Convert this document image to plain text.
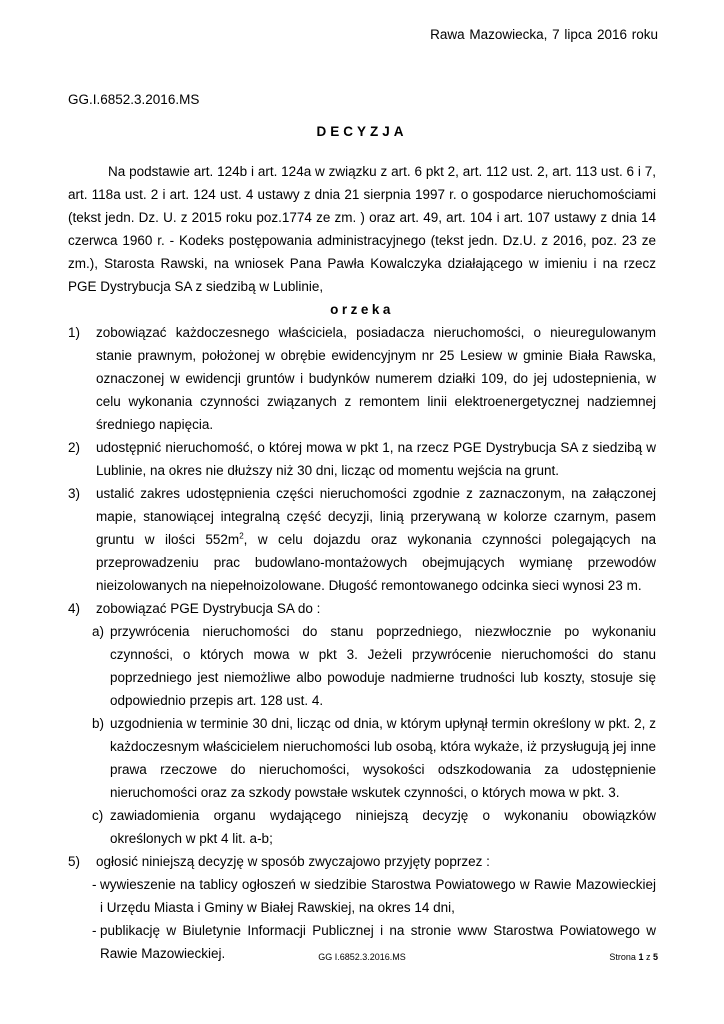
Rawa Mazowiecka, 7 lipca 2016 roku
GG.I.6852.3.2016.MS
DECYZJA

Na podstawie art. 124b i art. 124a w związku z art. 6 pkt 2, art. 112 ust. 2, art. 113 ust. 6 i 7, art. 118a ust. 2 i art. 124 ust. 4 ustawy z dnia 21 sierpnia 1997 r. o gospodarce nieruchomościami (tekst jedn. Dz. U. z 2015 roku poz.1774 ze zm. ) oraz art. 49, art. 104 i art. 107 ustawy z dnia 14 czerwca 1960 r. - Kodeks postępowania administracyjnego (tekst jedn. Dz.U. z 2016, poz. 23 ze zm.), Starosta Rawski, na wniosek Pana Pawła Kowalczyka działającego w imieniu i na rzecz PGE Dystrybucja SA z siedzibą w Lublinie,

orzeka

1) zobowiązać każdoczesnego właściciela, posiadacza nieruchomości, o nieuregulowanym stanie prawnym, położonej w obrębie ewidencyjnym nr 25 Lesiew w gminie Biała Rawska, oznaczonej w ewidencji gruntów i budynków numerem działki 109, do jej udostepnienia, w celu wykonania czynności związanych z remontem linii elektroenergetycznej nadziemnej średniego napięcia.
2) udostępnić nieruchomość, o której mowa w pkt 1, na rzecz PGE Dystrybucja SA z siedzibą w Lublinie, na okres nie dłuższy niż 30 dni, licząc od momentu wejścia na grunt.
3) ustalić zakres udostępnienia części nieruchomości zgodnie z zaznaczonym, na załączonej mapie, stanowiącej integralną część decyzji, linią przerywaną w kolorze czarnym, pasem gruntu w ilości $552m^2$, w celu dojazdu oraz wykonania czynności polegających na przeprowadzeniu prac budowlano-montażowych obejmujących wymianę przewodów nieizolowanych na niepełnoizolowane. Długość remontowanego odcinka sieci wynosi 23 m.
4) zobowiązać PGE Dystrybucja SA do :
a) przywrócenia nieruchomości do stanu poprzedniego, niezwłocznie po wykonaniu czynności, o których mowa w pkt 3. Jeżeli przywrócenie nieruchomości do stanu poprzedniego jest niemożliwe albo powoduje nadmierne trudności lub koszty, stosuje się odpowiednio przepis art. 128 ust. 4.
b) uzgodnienia w terminie 30 dni, licząc od dnia, w którym upłynął termin określony w pkt. 2, z każdoczesnym właścicielem nieruchomości lub osobą, która wykaże, iż przysługują jej inne prawa rzeczowe do nieruchomości, wysokości odszkodowania za udostępnienie nieruchomości oraz za szkody powstałe wskutek czynności, o których mowa w pkt. 3.
c) zawiadomienia organu wydającego niniejszą decyzję o wykonaniu obowiązków określonych w pkt 4 lit. a-b;
5) ogłosić niniejszą decyzję w sposób zwyczajowo przyjęty poprzez :
- wywieszenie na tablicy ogłoszeń w siedzibie Starostwa Powiatowego w Rawie Mazowieckiej i Urzędu Miasta i Gminy w Białej Rawskiej, na okres 14 dni,
- publikację w Biuletynie Informacji Publicznej i na stronie www Starostwa Powiatowego w Rawie Mazowieckiej.	GG I.6852.3.2016.MS	Strona 1 z 5
